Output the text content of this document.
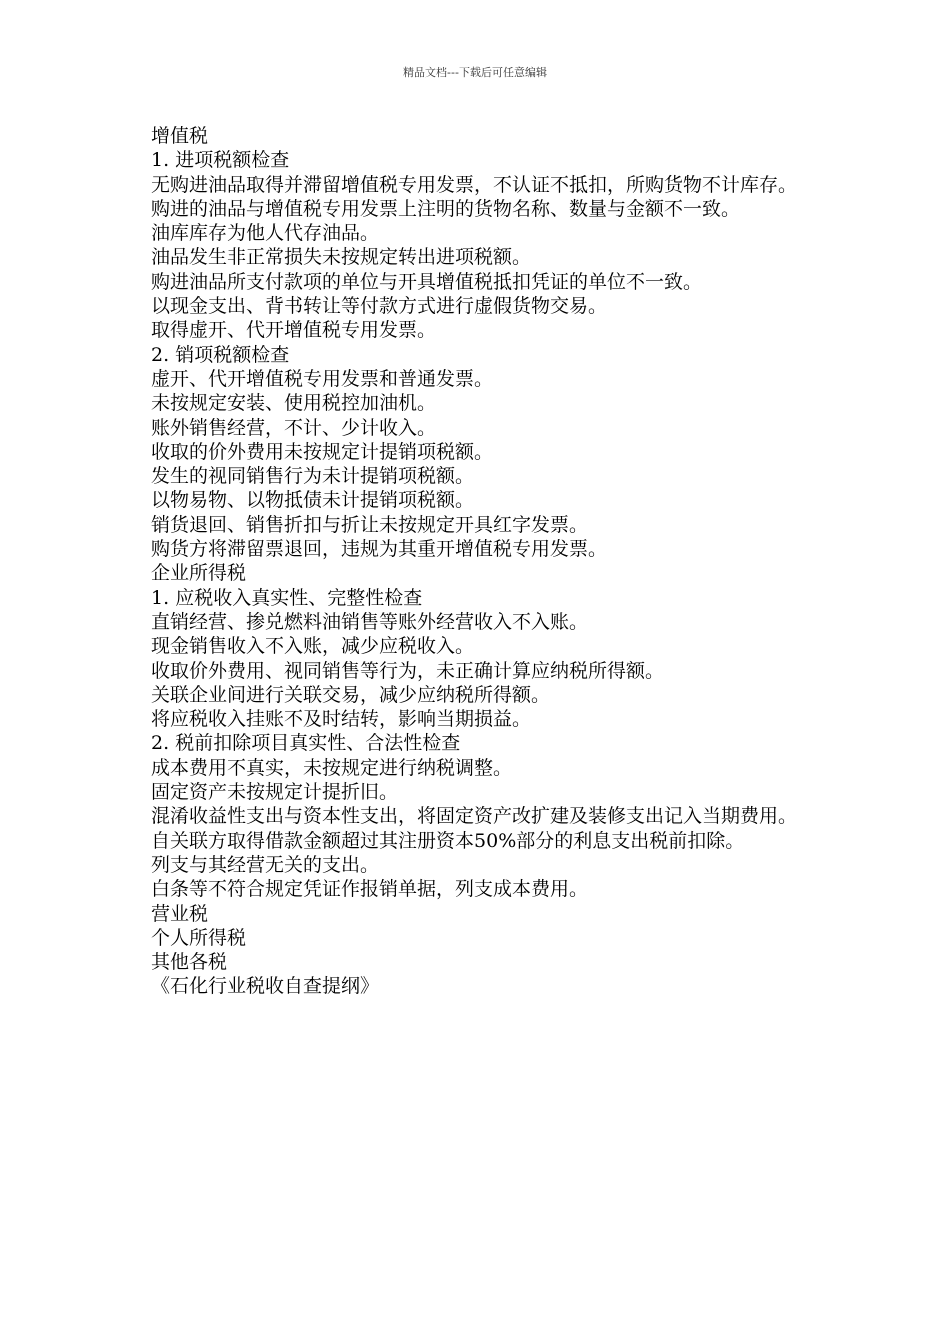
精品文档---下载后可任意编辑
增值税
1. 进项税额检查
无购进油品取得并滞留增值税专用发票，不认证不抵扣，所购货物不计库存。
购进的油品与增值税专用发票上注明的货物名称、数量与金额不一致。
油库库存为他人代存油品。
油品发生非正常损失未按规定转出进项税额。
购进油品所支付款项的单位与开具增值税抵扣凭证的单位不一致。
以现金支出、背书转让等付款方式进行虚假货物交易。
取得虚开、代开增值税专用发票。
2. 销项税额检查
虚开、代开增值税专用发票和普通发票。
未按规定安装、使用税控加油机。
账外销售经营，不计、少计收入。
收取的价外费用未按规定计提销项税额。
发生的视同销售行为未计提销项税额。
以物易物、以物抵债未计提销项税额。
销货退回、销售折扣与折让未按规定开具红字发票。
购货方将滞留票退回，违规为其重开增值税专用发票。
企业所得税
1. 应税收入真实性、完整性检查
直销经营、掺兑燃料油销售等账外经营收入不入账。
现金销售收入不入账，减少应税收入。
收取价外费用、视同销售等行为，未正确计算应纳税所得额。
关联企业间进行关联交易，减少应纳税所得额。
将应税收入挂账不及时结转，影响当期损益。
2. 税前扣除项目真实性、合法性检查
成本费用不真实，未按规定进行纳税调整。
固定资产未按规定计提折旧。
混淆收益性支出与资本性支出，将固定资产改扩建及装修支出记入当期费用。
自关联方取得借款金额超过其注册资本50%部分的利息支出税前扣除。
列支与其经营无关的支出。
白条等不符合规定凭证作报销单据，列支成本费用。
营业税
个人所得税
其他各税
《石化行业税收自查提纲》
